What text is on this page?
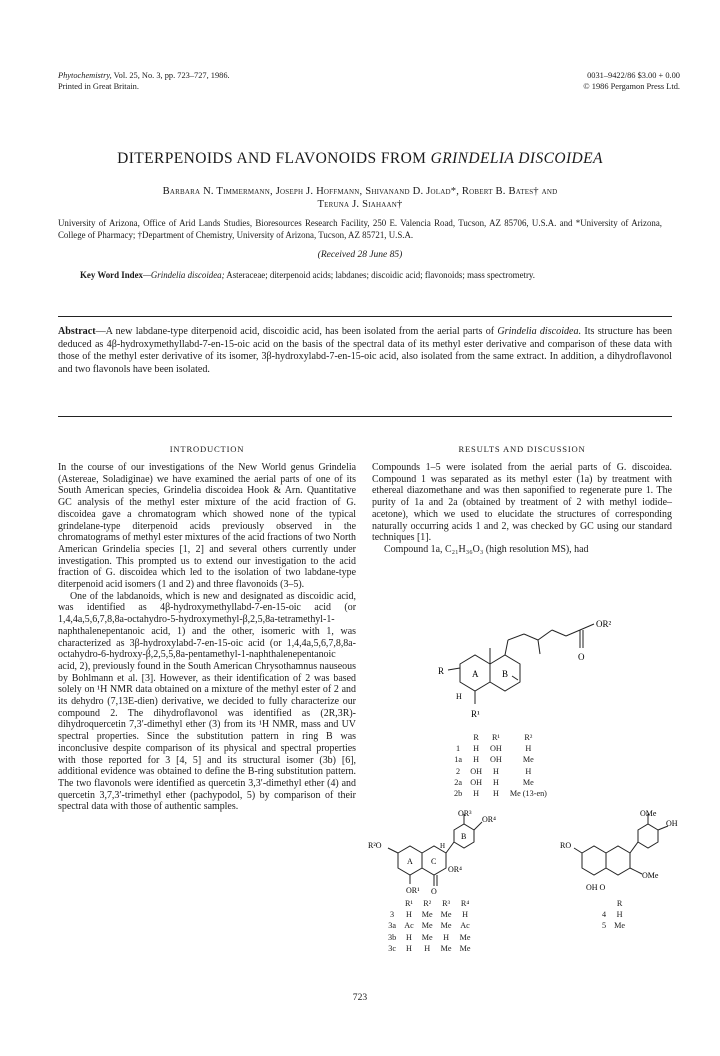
Phytochemistry, Vol. 25, No. 3, pp. 723–727, 1986.
Printed in Great Britain.
0031–9422/86 $3.00 + 0.00
© 1986 Pergamon Press Ltd.
DITERPENOIDS AND FLAVONOIDS FROM GRINDELIA DISCOIDEA
Barbara N. Timmermann, Joseph J. Hoffmann, Shivanand D. Jolad*, Robert B. Bates† and
Teruna J. Siahaan†
University of Arizona, Office of Arid Lands Studies, Bioresources Research Facility, 250 E. Valencia Road, Tucson, AZ 85706, U.S.A. and *University of Arizona, College of Pharmacy; †Department of Chemistry, University of Arizona, Tucson, AZ 85721, U.S.A.
(Received 28 June 85)
Key Word Index—Grindelia discoidea; Asteraceae; diterpenoid acids; labdanes; discoidic acid; flavonoids; mass spectrometry.
Abstract—A new labdane-type diterpenoid acid, discoidic acid, has been isolated from the aerial parts of Grindelia discoidea. Its structure has been deduced as 4β-hydroxymethyllabd-7-en-15-oic acid on the basis of the spectral data of its methyl ester derivative and comparison of these data with those of the methyl ester derivative of its isomer, 3β-hydroxylabd-7-en-15-oic acid, also isolated from the same extract. In addition, a dihydroflavonol and two flavonols have been isolated.
INTRODUCTION	RESULTS AND DISCUSSION

In the course of our investigations of the New World genus Grindelia (Astereae, Soladiginae) we have examined the aerial parts of one of its South American species, Grindelia discoidea Hook & Arn. Quantitative GC analysis of the methyl ester mixture of the acid fraction of G. discoidea gave a chromatogram which showed none of the typical grindelane-type diterpenoid acids previously observed in the chromatograms of methyl ester mixtures of the acid fractions of two North American Grindelia species [1, 2] and several others currently under investigation. This prompted us to extend our investigation to the acid fraction of G. discoidea which led to the isolation of two labdane-type diterpenoid acid isomers (1 and 2) and three flavonoids (3–5).

One of the labdanoids, which is new and designated as discoidic acid, was identified as 4β-hydroxymethyllabd-7-en-15-oic acid (or 1,4,4a,5,6,7,8,8a-octahydro-5-hydroxymethyl-β,2,5,8a-tetramethyl-1-naphthalenepentanoic acid, 1) and the other, isomeric with 1, was characterized as 3β-hydroxylabd-7-en-15-oic acid (or 1,4,4a,5,6,7,8,8a-octahydro-6-hydroxy-β,2,5,5,8a-pentamethyl-1-naphthalenepentanoic acid, 2), previously found in the South American Chrysothamnus nauseous by Bohlmann et al. [3]. However, as their identification of 2 was based solely on ¹H NMR data obtained on a mixture of the methyl ester of 2 and its dehydro (7,13E-dien) derivative, we decided to fully characterize our compound 2. The dihydroflavonol was identified as (2R,3R)-dihydroquercetin 7,3′-dimethyl ether (3) from its ¹H NMR, mass and UV spectral properties. Since the substitution pattern in ring B was inconclusive despite comparison of its physical and spectral properties with those reported for 3 [4, 5] and its structural isomer (3b) [6], additional evidence was obtained to define the B-ring substitution pattern. The two flavonols were identified as quercetin 3,3′-dimethyl ether (4) and quercetin 3,7,3′-trimethyl ether (pachypodol, 5) by comparison of their spectral data with those of authentic samples.

Compounds 1–5 were isolated from the aerial parts of G. discoidea. Compound 1 was separated as its methyl ester (1a) by treatment with ethereal diazomethane and was then saponified to regenerate pure 1. The purity of 1a and 2a (obtained by treatment of 2 with methyl iodide–acetone), which we used to elucidate the structures of corresponding naturally occurring acids 1 and 2, was checked by GC using our standard techniques [1].

Compound 1a, C₂₁H₃₆O₃ (high resolution MS), had

OR²
O
R
R¹
H
A	B
	R	R¹	R²
1	H	OH	H
1a	H	OH	Me
2	OH	H	H
2a	OH	H	Me
2b	H	H	Me (13-en)
OR³
OR⁴
R²O
OR¹ O
OR⁴
A C
B
H
OMe
OH
RO
OMe
OH O
	R¹	R²	R³	R⁴
3	H	Me	Me	H
3a	Ac	Me	Me	Ac
3b	H	Me	H	Me
3c	H	H	Me	Me
	R
4	H
5	Me
723
